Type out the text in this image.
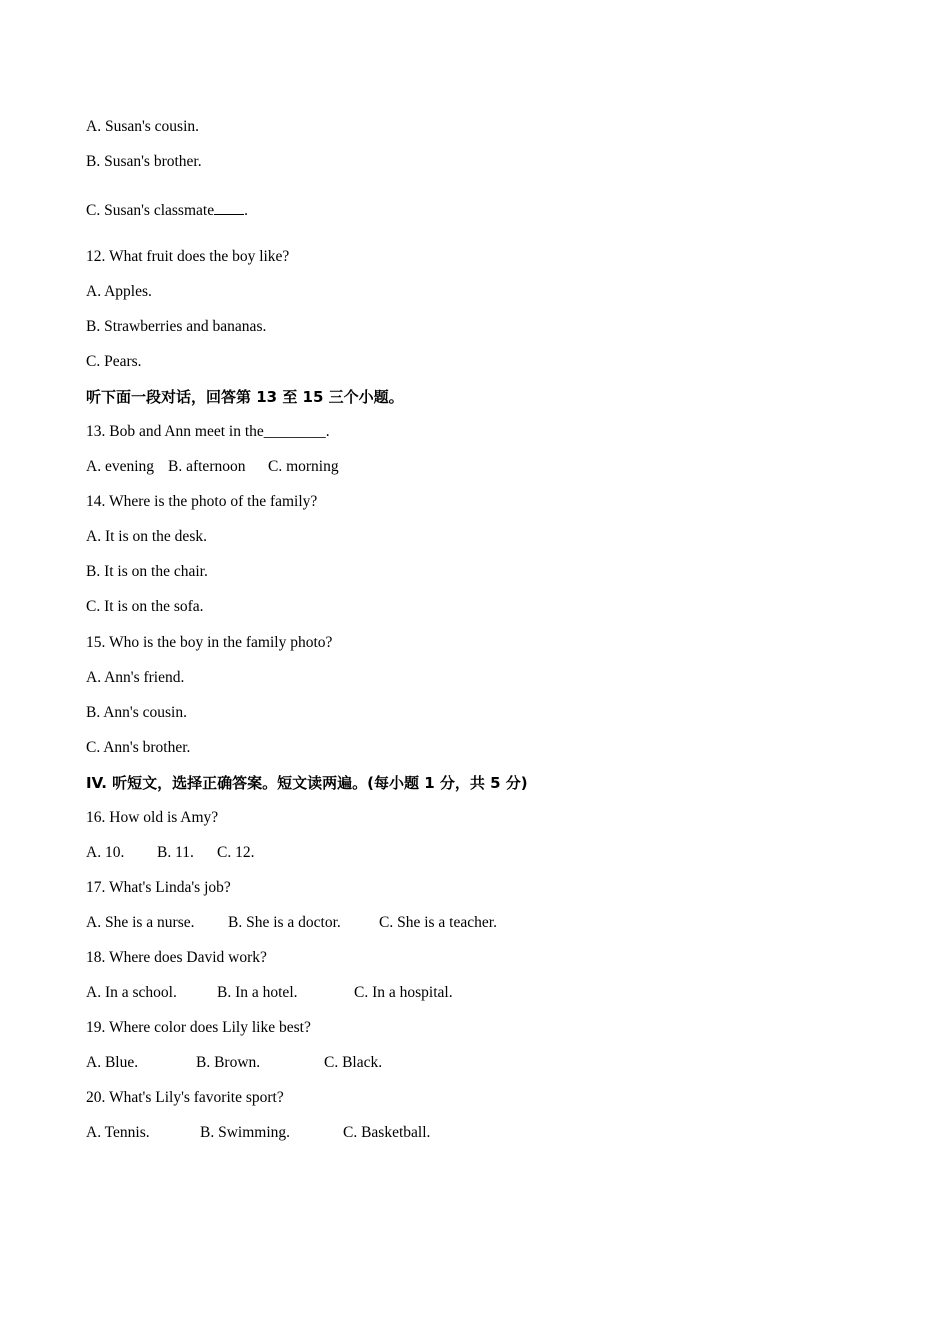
A. Susan's cousin.
B. Susan's brother.
C. Susan's classmate .
12. What fruit does the boy like?
A. Apples.
B. Strawberries and bananas.
C. Pears.
听下面一段对话，回答第 13 至 15 三个小题。
13. Bob and Ann meet in the________.
A. evening B. afternoon C. morning
14. Where is the photo of the family?
A. It is on the desk.
B. It is on the chair.
C. It is on the sofa.
15. Who is the boy in the family photo?
A. Ann's friend.
B. Ann's cousin.
C. Ann's brother.
IV. 听短文，选择正确答案。短文读两遍。(每小题 1 分，共 5 分)
16. How old is Amy?
A. 10. B. 11. C. 12.
17. What's Linda's job?
A. She is a nurse. B. She is a doctor. C. She is a teacher.
18. Where does David work?
A. In a school.	B. In a hotel.	C. In a hospital.
19. Where color does Lily like best?
A. Blue.	B. Brown.	C. Black.
20. What's Lily's favorite sport?
A. Tennis.	B. Swimming.	C. Basketball.
